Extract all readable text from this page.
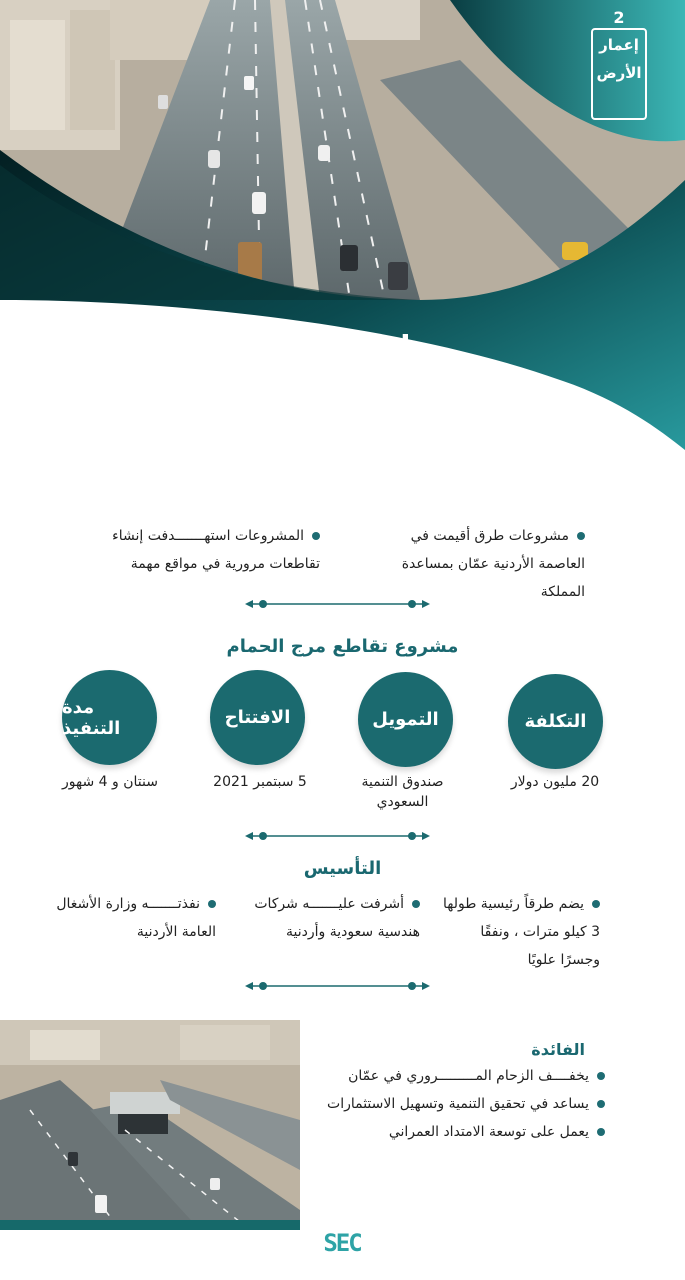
طرق أردنية
ببصمة سعودية
2
إعمار الأرض
مشروعات طرق أقيمت في العاصمة الأردنية عمّان بمساعدة المملكة
المشروعات استهـــــــدفت إنشاء تقاطعات مرورية في مواقع مهمة
مشروع تقاطع مرج الحمام
التكلفة
التمويل
الافتتاح
مدة التنفيذ
20 مليون دولار
صندوق التنمية السعودي
5 سبتمبر 2021
سنتان و 4 شهور
التأسيس
يضم طرقاً رئيسية طولها 3 كيلو مترات ، ونفقًا وجسرًا علويًا
أشرفت عليـــــــه شركات هندسية سعودية وأردنية
نفذتـــــــه وزارة الأشغال العامة الأردنية
الفائدة
يخفــــف الزحام المـــــــــروري في عمّان
يساعد في تحقيق التنمية وتسهيل الاستثمارات
يعمل على توسعة الامتداد العمراني
SEC
